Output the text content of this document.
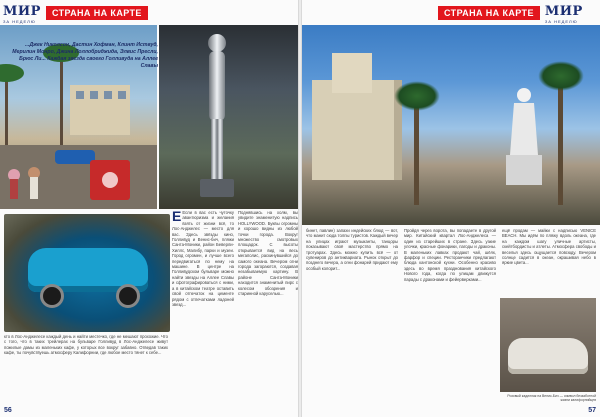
МИР
ЗА НЕДЕЛЮ
СТРАНА НА КАРТЕ
...Джек Николсон, Дастин Хофман, Клинт Иствуд, Мерилин Монро, Джина Лоллобриджида, Элвис Пресли, Брюс Ли... Каждая звезда своего Голливуда на Аллее Славы
Е Если в вас есть чуточку авантюризма и желания взять от жизни всё, то Лос-Анджелес — место для вас. Здесь звёзды кино, Голливуд и Венис-бич, пляжи Санта-Моники, район Беверли-Хиллс, Малибу, парки и музеи. Город огромен, и лучше всего передвигаться по нему на машине. В центре на Голливудском бульваре можно найти звезды на Аллее Славы и сфотографироваться с ними, а в китайском театре оставить свой отпечаток на цементе рядом с отпечатками ладоней звезд...
Поднявшись на холм, вы увидите знаменитую надпись HOLLYWOOD. Буквы огромны и хорошо видны из любой точки города. Вокруг множество смотровых площадок. С высоты открывается вид на весь мегаполис, раскинувшийся до самого океана. Вечером огни города загораются, создавая незабываемую картину. В районе Санта-Моники находится знаменитый пирс с колесом обозрения и старинной каруселью...
кто в Лос-Анджелесе каждый день и найти местечко, где не мешают прохожие. Что с того, что в таких трейлерах на бульваре Голливуд в Лос-Анджелесе живут пожилые дамы из маленьких кафе, у которых все вокруг забавно. Отведав таких кафе, ты почувствуешь атмосферу Калифорнии, где любое место тянет к себе...
56
СТРАНА НА КАРТЕ МИР
ЗА НЕДЕЛЮ
бинет, павлин) запахи индейских блюд — вот, что манит сюда толпы туристов. Каждый вечер на улицах играют музыканты, танцоры показывают своё мастерство прямо на тротуарах. Здесь можно купить всё — от сувениров до антиквариата. Рынок открыт до позднего вечера, а огни фонарей придают ему особый колорит...
Пройдя через ворота, вы попадаете в другой мир. Китайский квартал Лос-Анджелеса — один из старейших в стране. Здесь узкие улочки, красные фонарики, пагоды и драконы. В маленьких лавках продают чай, шёлк, фарфор и специи. Ресторанчики предлагают блюда кантонской кухни. Особенно красиво здесь во время празднования китайского Нового года, когда по улицам движутся парады с драконами и фейерверками...
ещё продам — майки с надписью VENICE BEACH. Мы идём по пляжу вдоль океана, где на каждом шагу уличные артисты, скейтбордисты и атлеты. Атмосфера свободы и веселья здесь ощущается повсюду. Вечером солнце садится в океан, окрашивая небо в яркие цвета...
Розовый кадиллак на Венис-Бич — символ беззаботной жизни калифорнийцев
57
